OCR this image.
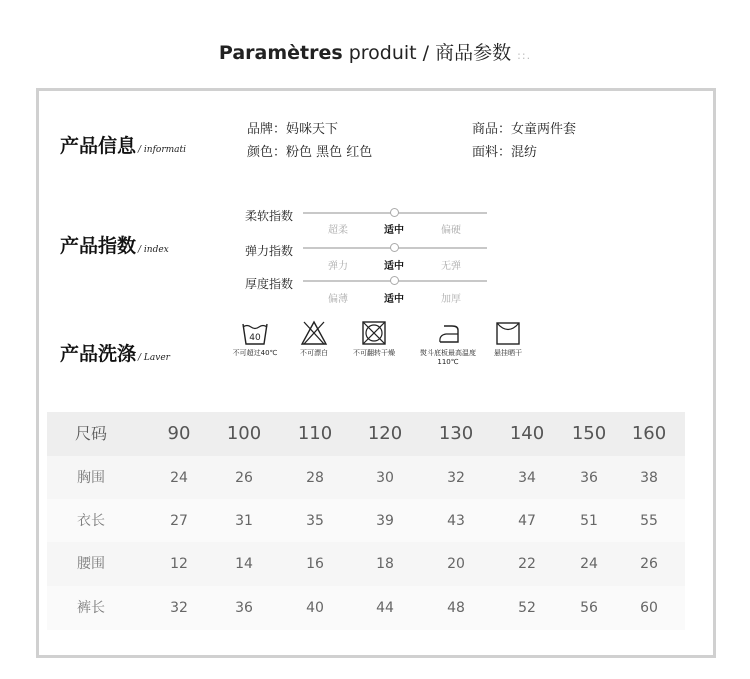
Paramètres produit / 商品参数 ::.
产品信息 / informati
品牌：妈咪天下
颜色：粉色 黑色 红色
商品：女童两件套
面料：混纺
产品指数 / index
柔软指数
超柔	适中	偏硬
弹力指数
弹力	适中	无弹
厚度指数
偏薄	适中	加厚
产品洗涤 / Laver
40
不可超过40℃	不可漂白	不可翻转干燥	熨斗底板最高温度110℃
悬挂晒干
尺码	90	100	110	120	130	140	150	160
胸围	24	26	28	30	32	34	36	38
衣长	27	31	35	39	43	47	51	55
腰围	12	14	16	18	20	22	24	26
裤长	32	36	40	44	48	52	56	60
